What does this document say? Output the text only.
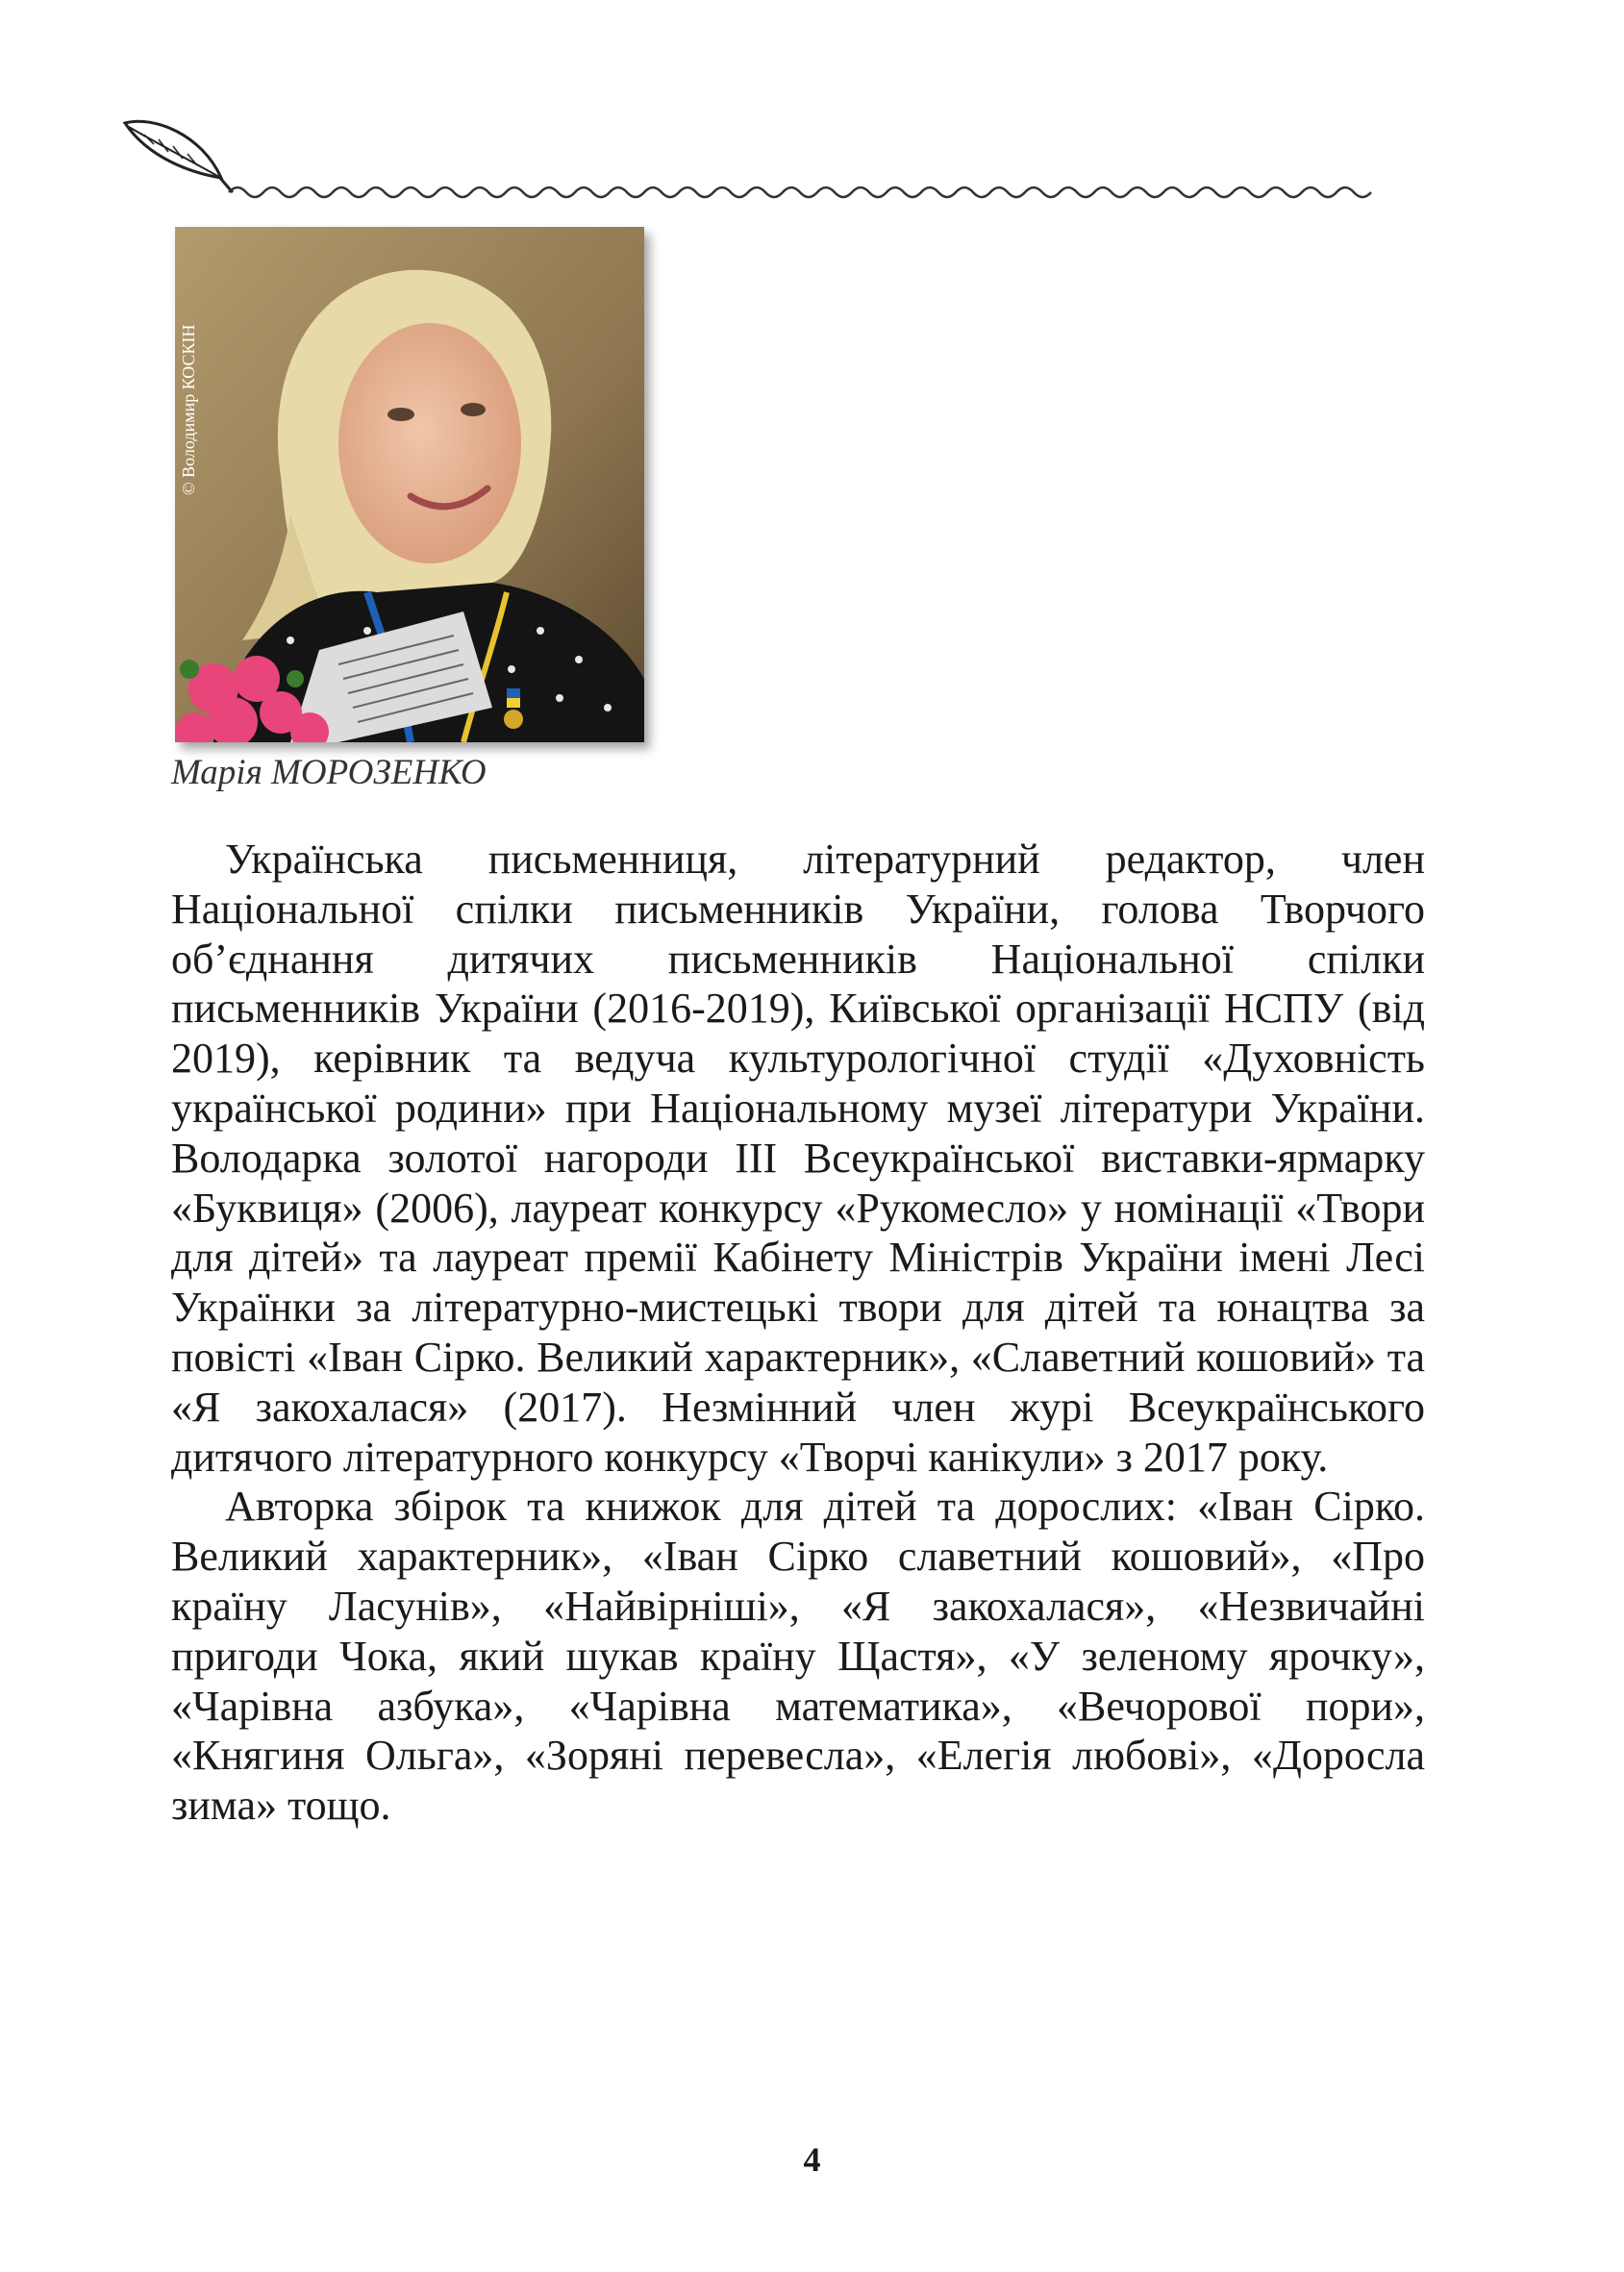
Марія МОРОЗЕНКО

Українська письменниця, літературний редактор, член Національної спілки письменників України, голова Творчого об’єднання дитячих письменників Національної спілки письменників України (2016-2019), Київської організації НСПУ (від 2019), керівник та ведуча культурологічної студії «Духовність української родини» при Національному музеї літератури України. Володарка золотої нагороди ІІІ Всеукраїнської виставки-ярмарку «Буквиця» (2006), лауреат конкурсу «Рукомесло» у номінації «Твори для дітей» та лауреат премії Кабінету Міністрів України імені Лесі Українки за літературно-мистецькі твори для дітей та юнацтва за повісті «Іван Сірко. Великий характерник», «Славетний кошовий» та «Я закохалася» (2017). Незмінний член журі Всеукраїнського дитячого літературного конкурсу «Творчі канікули» з 2017 року.

Авторка збірок та книжок для дітей та дорослих: «Іван Сірко. Великий характерник», «Іван Сірко славетний кошовий», «Про країну Ласунів», «Найвірніші», «Я закохалася», «Незвичайні пригоди Чока, який шукав країну Щастя», «У зеленому ярочку», «Чарівна азбука», «Чарівна математика», «Вечорової пори», «Княгиня Ольга», «Зоряні перевесла», «Елегія любові», «Доросла зима» тощо.

4
